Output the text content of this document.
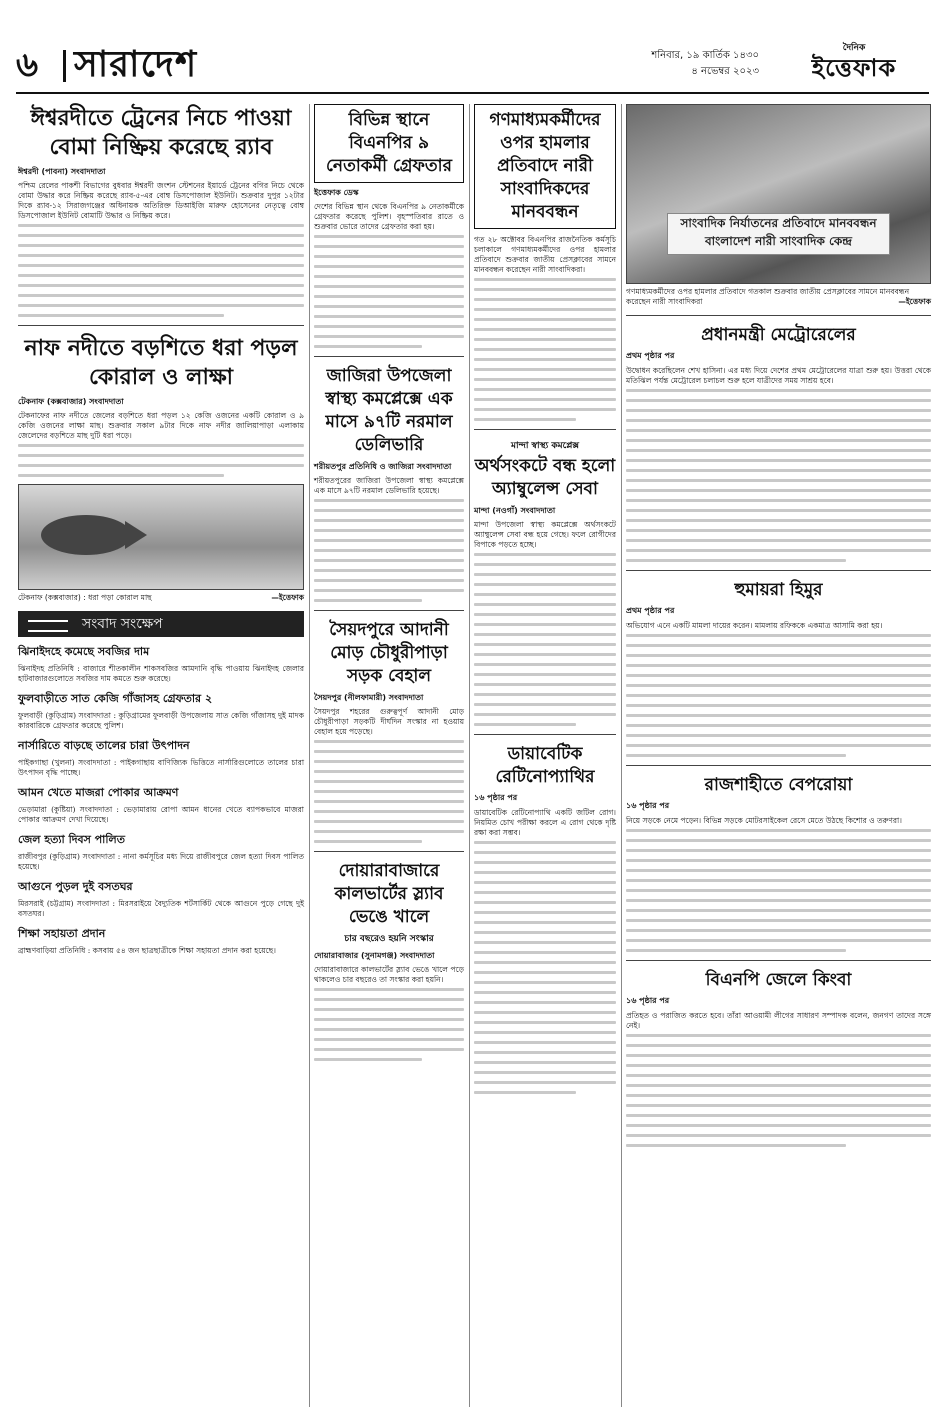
৬ সারাদেশ	শনিবার, ১৯ কার্তিক ১৪৩০
৪ নভেম্বর ২০২৩
দৈনিক
ইত্তেফাক
ঈশ্বরদীতে ট্রেনের নিচে পাওয়া বোমা নিষ্ক্রিয় করেছে র‌্যাব
ঈশ্বরদী (পাবনা) সংবাদদাতা

পশ্চিম রেলের পাকশী বিভাগের বুধবার ঈশ্বরদী জংশন স্টেশনের ইয়ার্ডে ট্রেনের বগির নিচে থেকে বোমা উদ্ধার করে নিষ্ক্রিয় করেছে র‌্যাব-৫-এর বোম্ব ডিসপোজাল ইউনিট। শুক্রবার দুপুর ১২টার দিকে র‌্যাব-১২ সিরাজগঞ্জের অধিনায়ক অতিরিক্ত ডিআইজি মারুফ হোসেনের নেতৃত্বে বোম্ব ডিসপোজাল ইউনিট বোমাটি উদ্ধার ও নিষ্ক্রিয় করে।

নাফ নদীতে বড়শিতে ধরা পড়ল কোরাল ও লাক্ষা
টেকনাফ (কক্সবাজার) সংবাদদাতা

টেকনাফের নাফ নদীতে জেলের বড়শিতে ধরা পড়ল ১২ কেজি ওজনের একটি কোরাল ও ৯ কেজি ওজনের লাক্ষা মাছ। শুক্রবার সকাল ৯টার দিকে নাফ নদীর জালিয়াপাড়া এলাকায় জেলেদের বড়শিতে মাছ দুটি ধরা পড়ে।

টেকনাফ (কক্সবাজার) : ধরা পড়া কোরাল মাছ	—ইত্তেফাক
সংবাদ সংক্ষেপ
ঝিনাইদহে কমেছে সবজির দাম

ঝিনাইদহ প্রতিনিধি : বাজারে শীতকালীন শাকসবজির আমদানি বৃদ্ধি পাওয়ায় ঝিনাইদহ জেলার হাটবাজারগুলোতে সবজির দাম কমতে শুরু করেছে।

ফুলবাড়ীতে সাত কেজি গাঁজাসহ গ্রেফতার ২

ফুলবাড়ী (কুড়িগ্রাম) সংবাদদাতা : কুড়িগ্রামের ফুলবাড়ী উপজেলায় সাত কেজি গাঁজাসহ দুই মাদক কারবারিকে গ্রেফতার করেছে পুলিশ।

নার্সারিতে বাড়ছে তালের চারা উৎপাদন

পাইকগাছা (খুলনা) সংবাদদাতা : পাইকগাছায় বাণিজ্যিক ভিত্তিতে নার্সারিগুলোতে তালের চারা উৎপাদন বৃদ্ধি পাচ্ছে।

আমন খেতে মাজরা পোকার আক্রমণ

ভেড়ামারা (কুষ্টিয়া) সংবাদদাতা : ভেড়ামারায় রোপা আমন ধানের খেতে ব্যাপকভাবে মাজরা পোকার আক্রমণ দেখা দিয়েছে।

জেল হত্যা দিবস পালিত

রাজীবপুর (কুড়িগ্রাম) সংবাদদাতা : নানা কর্মসূচির মধ্য দিয়ে রাজীবপুরে জেল হত্যা দিবস পালিত হয়েছে।

আগুনে পুড়ল দুই বসতঘর

মিরসরাই (চট্টগ্রাম) সংবাদদাতা : মিরসরাইয়ে বৈদ্যুতিক শর্টসার্কিট থেকে আগুনে পুড়ে গেছে দুই বসতঘর।

শিক্ষা সহায়তা প্রদান

ব্রাহ্মণবাড়িয়া প্রতিনিধি : কসবায় ৫৪ জন ছাত্রছাত্রীকে শিক্ষা সহায়তা প্রদান করা হয়েছে।

বিভিন্ন স্থানে বিএনপির ৯ নেতাকর্মী গ্রেফতার
ইত্তেফাক ডেস্ক

দেশের বিভিন্ন স্থান থেকে বিএনপির ৯ নেতাকর্মীকে গ্রেফতার করেছে পুলিশ। বৃহস্পতিবার রাতে ও শুক্রবার ভোরে তাদের গ্রেফতার করা হয়।

জাজিরা উপজেলা স্বাস্থ্য কমপ্লেক্সে এক মাসে ৯৭টি নরমাল ডেলিভারি
শরীয়তপুর প্রতিনিধি ও জাজিরা সংবাদদাতা

শরীয়তপুরের জাজিরা উপজেলা স্বাস্থ্য কমপ্লেক্সে এক মাসে ৯৭টি নরমাল ডেলিভারি হয়েছে।

সৈয়দপুরে আদানী মোড় চৌধুরীপাড়া সড়ক বেহাল
সৈয়দপুর (নীলফামারী) সংবাদদাতা

সৈয়দপুর শহরের গুরুত্বপূর্ণ আদানী মোড় চৌধুরীপাড়া সড়কটি দীর্ঘদিন সংস্কার না হওয়ায় বেহাল হয়ে পড়েছে।

দোয়ারাবাজারে কালভার্টের স্ল্যাব ভেঙে খালে
চার বছরেও হয়নি সংস্কার
দোয়ারাবাজার (সুনামগঞ্জ) সংবাদদাতা

দোয়ারাবাজারে কালভার্টের স্ল্যাব ভেঙে খালে পড়ে থাকলেও চার বছরেও তা সংস্কার করা হয়নি।

গণমাধ্যমকর্মীদের ওপর হামলার প্রতিবাদে নারী সাংবাদিকদের মানববন্ধন

গত ২৮ অক্টোবর বিএনপির রাজনৈতিক কর্মসূচি চলাকালে গণমাধ্যমকর্মীদের ওপর হামলার প্রতিবাদে শুক্রবার জাতীয় প্রেসক্লাবের সামনে মানববন্ধন করেছেন নারী সাংবাদিকরা।

মান্দা স্বাস্থ্য কমপ্লেক্স
অর্থসংকটে বন্ধ হলো অ্যাম্বুলেন্স সেবা
মান্দা (নওগাঁ) সংবাদদাতা

মান্দা উপজেলা স্বাস্থ্য কমপ্লেক্সে অর্থসংকটে অ্যাম্বুলেন্স সেবা বন্ধ হয়ে গেছে। ফলে রোগীদের বিপাকে পড়তে হচ্ছে।

ডায়াবেটিক রেটিনোপ্যাথির
১৬ পৃষ্ঠার পর

ডায়াবেটিক রেটিনোপ্যাথি একটি জটিল রোগ। নিয়মিত চোখ পরীক্ষা করলে এ রোগ থেকে দৃষ্টি রক্ষা করা সম্ভব।

সাংবাদিক নির্যাতনের প্রতিবাদে মানববন্ধন
বাংলাদেশ নারী সাংবাদিক কেন্দ্র
গণমাধ্যমকর্মীদের ওপর হামলার প্রতিবাদে গতকাল শুক্রবার জাতীয় প্রেসক্লাবের সামনে মানববন্ধন করেছেন নারী সাংবাদিকরা	—ইত্তেফাক
প্রধানমন্ত্রী মেট্রোরেলের
প্রথম পৃষ্ঠার পর

উদ্বোধন করেছিলেন শেখ হাসিনা। এর মধ্য দিয়ে দেশের প্রথম মেট্রোরেলের যাত্রা শুরু হয়। উত্তরা থেকে মতিঝিল পর্যন্ত মেট্রোরেল চলাচল শুরু হলে যাত্রীদের সময় সাশ্রয় হবে।

হুমায়রা হিমুর
প্রথম পৃষ্ঠার পর

অভিযোগ এনে একটি মামলা দায়ের করেন। মামলায় রফিককে একমাত্র আসামি করা হয়।

রাজশাহীতে বেপরোয়া
১৬ পৃষ্ঠার পর

নিয়ে সড়কে নেমে পড়েন। বিভিন্ন সড়কে মোটরসাইকেল রেসে মেতে উঠছে কিশোর ও তরুণরা।

বিএনপি জেলে কিংবা
১৬ পৃষ্ঠার পর

প্রতিহত ও পরাজিত করতে হবে। তাঁরা আওয়ামী লীগের সাধারণ সম্পাদক বলেন, জনগণ তাদের সঙ্গে নেই।
